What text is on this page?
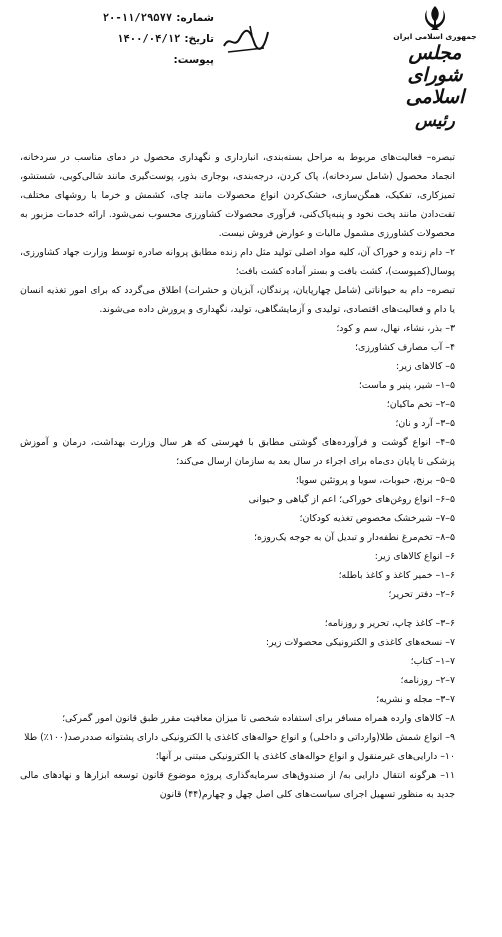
شماره:
۲۰-۱۱/۲۹۵۷۷
تاریخ:
۱۴۰۰/۰۴/۱۲
پیوست:
جمهوری اسلامی ایران
مجلس شورای اسلامی
رئیس

تبصره– فعالیت‌های مربوط به مراحل بسته‌بندی، انبارداری و نگهداری محصول در دمای مناسب در سردخانه، انجماد محصول (شامل سردخانه)، پاک کردن، درجه‌بندی، بوجاری بذور، پوست‌گیری مانند شالی‌کوبی، شستشو، تمیزکاری، تفکیک، همگن‌سازی، خشک‌کردن انواع محصولات مانند چای، کشمش و خرما با روشهای مختلف، تفت‌دادن مانند پخت نخود و پنبه‌پاک‌کنی، فرآوری محصولات کشاورزی محسوب نمی‌شود. ارائه خدمات مزبور به محصولات کشاورزی مشمول مالیات و عوارض فروش نیست.

۲– دام زنده و خوراک آن، کلیه مواد اصلی تولید مثل دام زنده مطابق پروانه صادره توسط وزارت جهاد کشاورزی، پوسال(کمپوست)، کشت بافت و بستر آماده کشت بافت؛

تبصره– دام به حیواناتی (شامل چهارپایان، پرندگان، آبزیان و حشرات) اطلاق می‌گردد که برای امور تغذیه انسان یا دام و فعالیت‌های اقتصادی، تولیدی و آزمایشگاهی، تولید، نگهداری و پرورش داده می‌شوند.

۳– بذر، نشاء، نهال، سم و کود؛

۴– آب مصارف کشاورزی؛

۵– کالاهای زیر:

۵–۱– شیر، پنیر و ماست؛

۵–۲– تخم ماکیان؛

۵–۳– آرد و نان؛

۵–۴– انواع گوشت و فرآورده‌های گوشتی مطابق با فهرستی که هر سال وزارت بهداشت، درمان و آموزش پزشکی تا پایان دی‌ماه برای اجراء در سال بعد به سازمان ارسال می‌کند؛

۵–۵– برنج، حبوبات، سویا و پروتئین سویا؛

۵–۶– انواع روغن‌های خوراکی؛ اعم از گیاهی و حیوانی

۵–۷– شیرخشک مخصوص تغذیه کودکان؛

۵–۸– تخم‌مرغ نطفه‌دار و تبدیل آن به جوجه یک‌روزه؛

۶– انواع کالاهای زیر:

۶–۱– خمیر کاغذ و کاغذ باطله؛

۶–۲– دفتر تحریر؛

۶–۳– کاغذ چاپ، تحریر و روزنامه؛

۷– نسخه‌های کاغذی و الکترونیکی محصولات زیر:

۷–۱– کتاب؛

۷–۲– روزنامه؛

۷–۳– مجله و نشریه؛

۸– کالاهای وارده همراه مسافر برای استفاده شخصی تا میزان معافیت مقرر طبق قانون امور گمرکی؛

۹– انواع شمش طلا(وارداتی و داخلی) و انواع حواله‌های کاغذی یا الکترونیکی دارای پشتوانه صددرصد(۱۰۰٪) طلا

۱۰– دارایی‌های غیرمنقول و انواع حواله‌های کاغذی یا الکترونیکی مبتنی بر آنها؛

۱۱– هرگونه انتقال دارایی به/ از صندوق‌های سرمایه‌گذاری پروژه موضوع قانون توسعه ابزارها و نهادهای مالی جدید به منظور تسهیل اجرای سیاست‌های کلی اصل چهل و چهارم(۴۴) قانون
